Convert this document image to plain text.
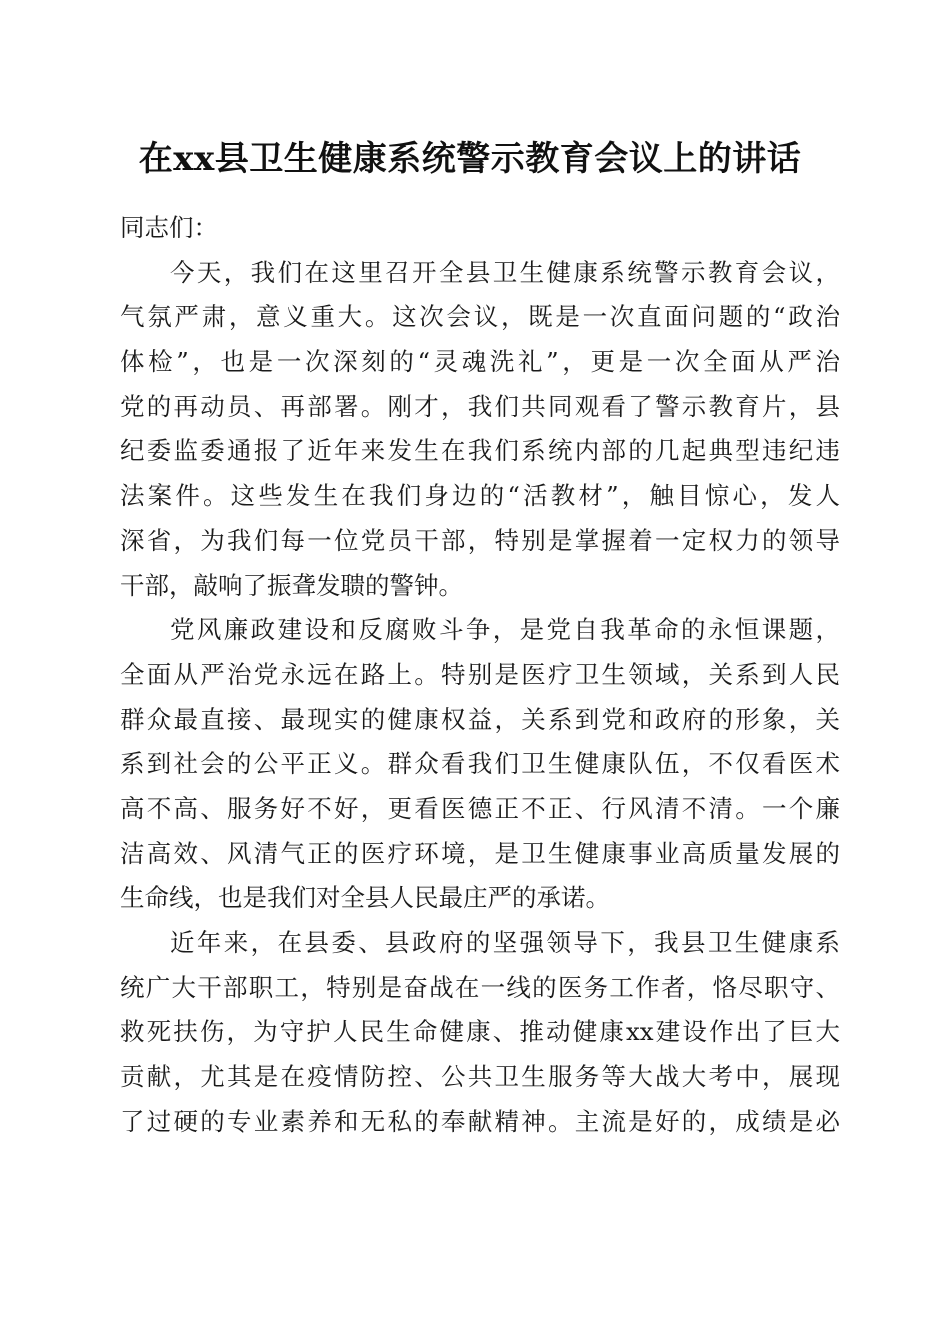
在xx县卫生健康系统警示教育会议上的讲话
同志们：
今天，我们在这里召开全县卫生健康系统警示教育会议，
气氛严肃，意义重大。这次会议，既是一次直面问题的“政治
体检”，也是一次深刻的“灵魂洗礼”，更是一次全面从严治
党的再动员、再部署。刚才，我们共同观看了警示教育片，县
纪委监委通报了近年来发生在我们系统内部的几起典型违纪违
法案件。这些发生在我们身边的“活教材”，触目惊心，发人
深省，为我们每一位党员干部，特别是掌握着一定权力的领导
干部，敲响了振聋发聩的警钟。
党风廉政建设和反腐败斗争，是党自我革命的永恒课题，
全面从严治党永远在路上。特别是医疗卫生领域，关系到人民
群众最直接、最现实的健康权益，关系到党和政府的形象，关
系到社会的公平正义。群众看我们卫生健康队伍，不仅看医术
高不高、服务好不好，更看医德正不正、行风清不清。一个廉
洁高效、风清气正的医疗环境，是卫生健康事业高质量发展的
生命线，也是我们对全县人民最庄严的承诺。
近年来，在县委、县政府的坚强领导下，我县卫生健康系
统广大干部职工，特别是奋战在一线的医务工作者，恪尽职守、
救死扶伤，为守护人民生命健康、推动健康xx建设作出了巨大
贡献，尤其是在疫情防控、公共卫生服务等大战大考中，展现
了过硬的专业素养和无私的奉献精神。主流是好的，成绩是必
